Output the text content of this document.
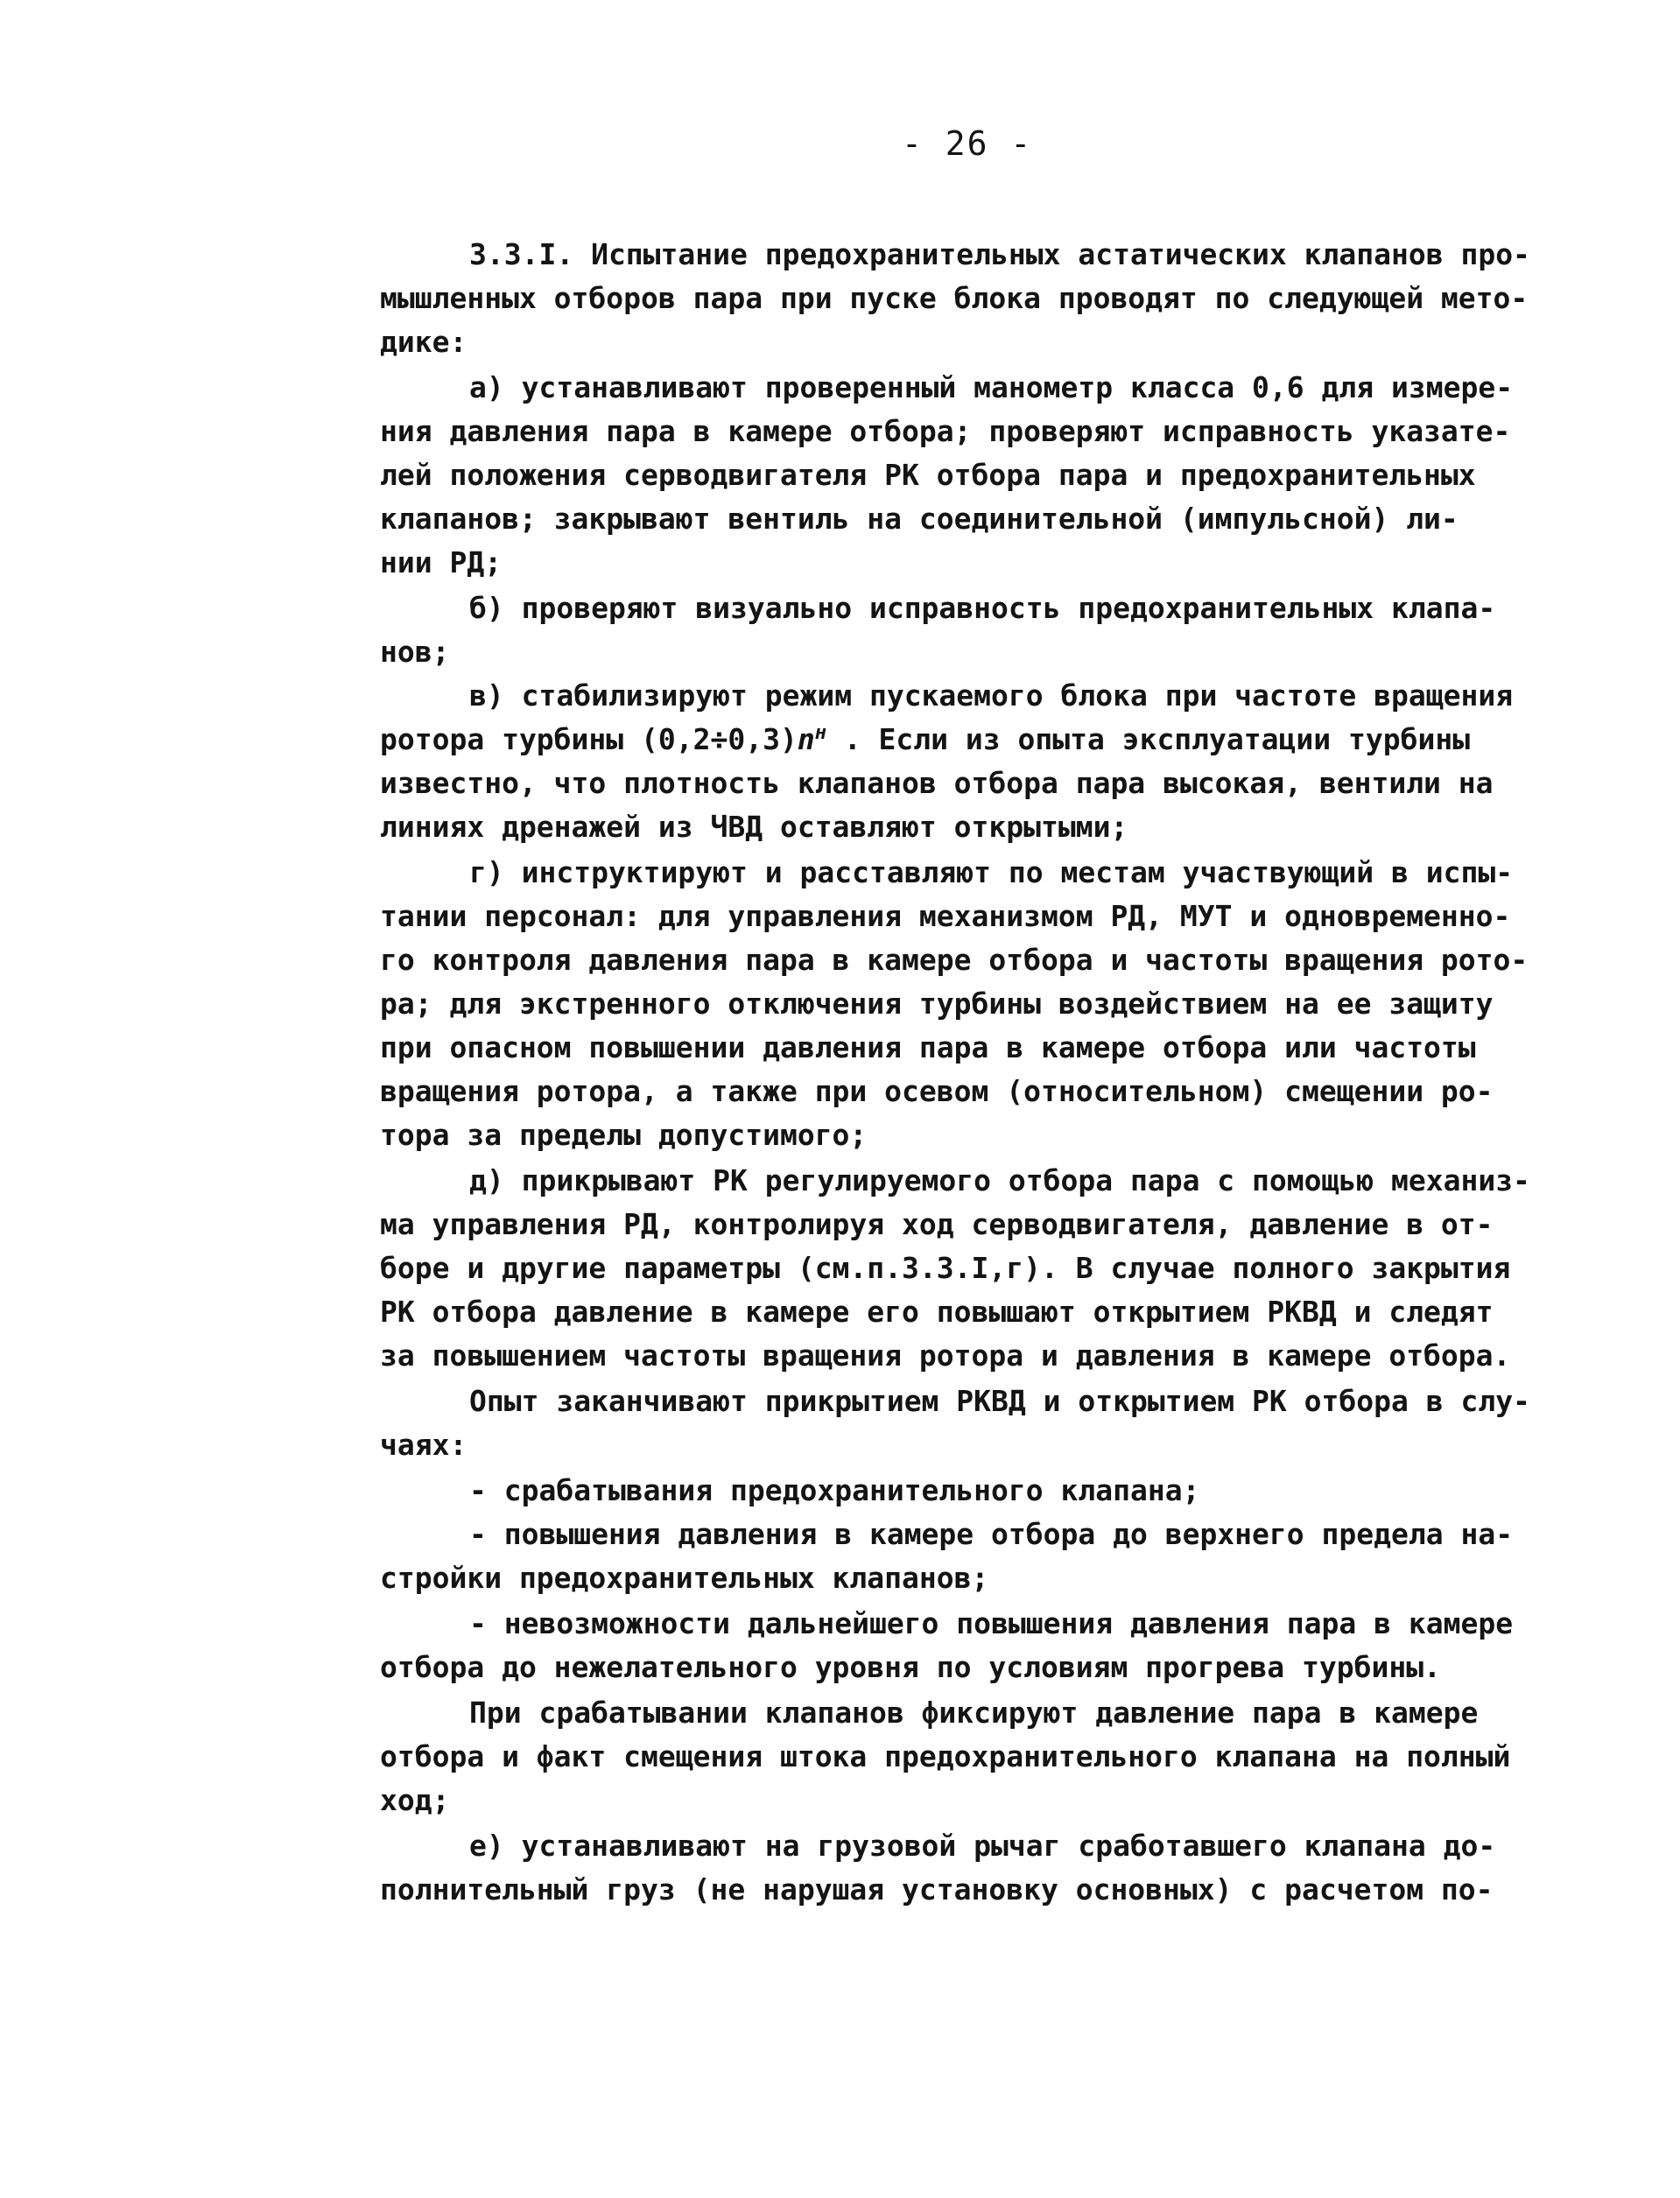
- 26 -
3.3.I. Испытание предохранительных астатических клапанов про-
мышленных отборов пара при пуске блока проводят по следующей мето-
дике:
а) устанавливают проверенный манометр класса 0,6 для измере-
ния давления пара в камере отбора; проверяют исправность указате-
лей положения серводвигателя РК отбора пара и предохранительных
клапанов; закрывают вентиль на соединительной (импульсной) ли-
нии РД;
б) проверяют визуально исправность предохранительных клапа-
нов;
в) стабилизируют режим пускаемого блока при частоте вращения
ротора турбины $(0,2\div 0,3)n^н$ . Если из опыта эксплуатации турбины
известно, что плотность клапанов отбора пара высокая, вентили на
линиях дренажей из ЧВД оставляют открытыми;
г) инструктируют и расставляют по местам участвующий в испы-
тании персонал: для управления механизмом РД, МУТ и одновременно-
го контроля давления пара в камере отбора и частоты вращения рото-
ра; для экстренного отключения турбины воздействием на ее защиту
при опасном повышении давления пара в камере отбора или частоты
вращения ротора, а также при осевом (относительном) смещении ро-
тора за пределы допустимого;
д) прикрывают РК регулируемого отбора пара с помощью механиз-
ма управления РД, контролируя ход серводвигателя, давление в от-
боре и другие параметры (см.п.3.3.I,г). В случае полного закрытия
РК отбора давление в камере его повышают открытием РКВД и следят
за повышением частоты вращения ротора и давления в камере отбора.
Опыт заканчивают прикрытием РКВД и открытием РК отбора в слу-
чаях:
- срабатывания предохранительного клапана;
- повышения давления в камере отбора до верхнего предела на-
стройки предохранительных клапанов;
- невозможности дальнейшего повышения давления пара в камере
отбора до нежелательного уровня по условиям прогрева турбины.
При срабатывании клапанов фиксируют давление пара в камере
отбора и факт смещения штока предохранительного клапана на полный
ход;
е) устанавливают на грузовой рычаг сработавшего клапана до-
полнительный груз (не нарушая установку основных) с расчетом по-
